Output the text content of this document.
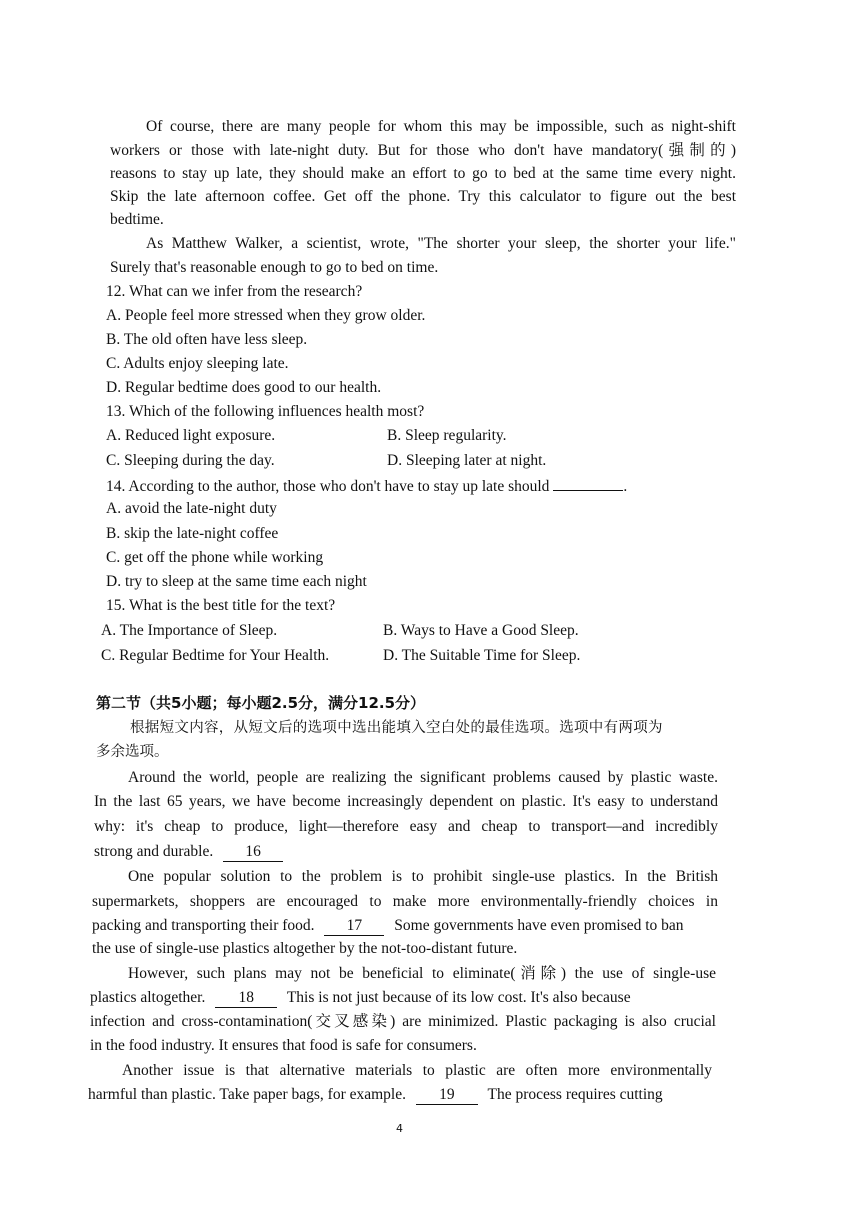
Of course, there are many people for whom this may be impossible, such as night-shift
workers or those with late-night duty. But for those who don't have mandatory(强制的)
reasons to stay up late, they should make an effort to go to bed at the same time every night.
Skip the late afternoon coffee. Get off the phone. Try this calculator to figure out the best
bedtime.
As Matthew Walker, a scientist, wrote, "The shorter your sleep, the shorter your life."
Surely that's reasonable enough to go to bed on time.
12. What can we infer from the research?
A. People feel more stressed when they grow older.
B. The old often have less sleep.
C. Adults enjoy sleeping late.
D. Regular bedtime does good to our health.
13. Which of the following influences health most?
A. Reduced light exposure.	B. Sleep regularity.
C. Sleeping during the day.	D. Sleeping later at night.
14. According to the author, those who don't have to stay up late should	.
A. avoid the late-night duty
B. skip the late-night coffee
C. get off the phone while working
D. try to sleep at the same time each night
15. What is the best title for the text?
A. The Importance of Sleep.	B. Ways to Have a Good Sleep.
C. Regular Bedtime for Your Health.	D. The Suitable Time for Sleep.
第二节（共5小题；每小题2.5分，满分12.5分）
根据短文内容，从短文后的选项中选出能填入空白处的最佳选项。选项中有两项为
多余选项。
Around the world, people are realizing the significant problems caused by plastic waste.
In the last 65 years, we have become increasingly dependent on plastic. It's easy to understand
why: it's cheap to produce, light—therefore easy and cheap to transport—and incredibly
strong and durable. 16
One popular solution to the problem is to prohibit single-use plastics. In the British
supermarkets, shoppers are encouraged to make more environmentally-friendly choices in
packing and transporting their food. 17 Some governments have even promised to ban
the use of single-use plastics altogether by the not-too-distant future.
However, such plans may not be beneficial to eliminate(消除) the use of single-use
plastics altogether. 18 This is not just because of its low cost. It's also because
infection and cross-contamination(交叉感染) are minimized. Plastic packaging is also crucial
in the food industry. It ensures that food is safe for consumers.
Another issue is that alternative materials to plastic are often more environmentally
harmful than plastic. Take paper bags, for example. 19 The process requires cutting
4
